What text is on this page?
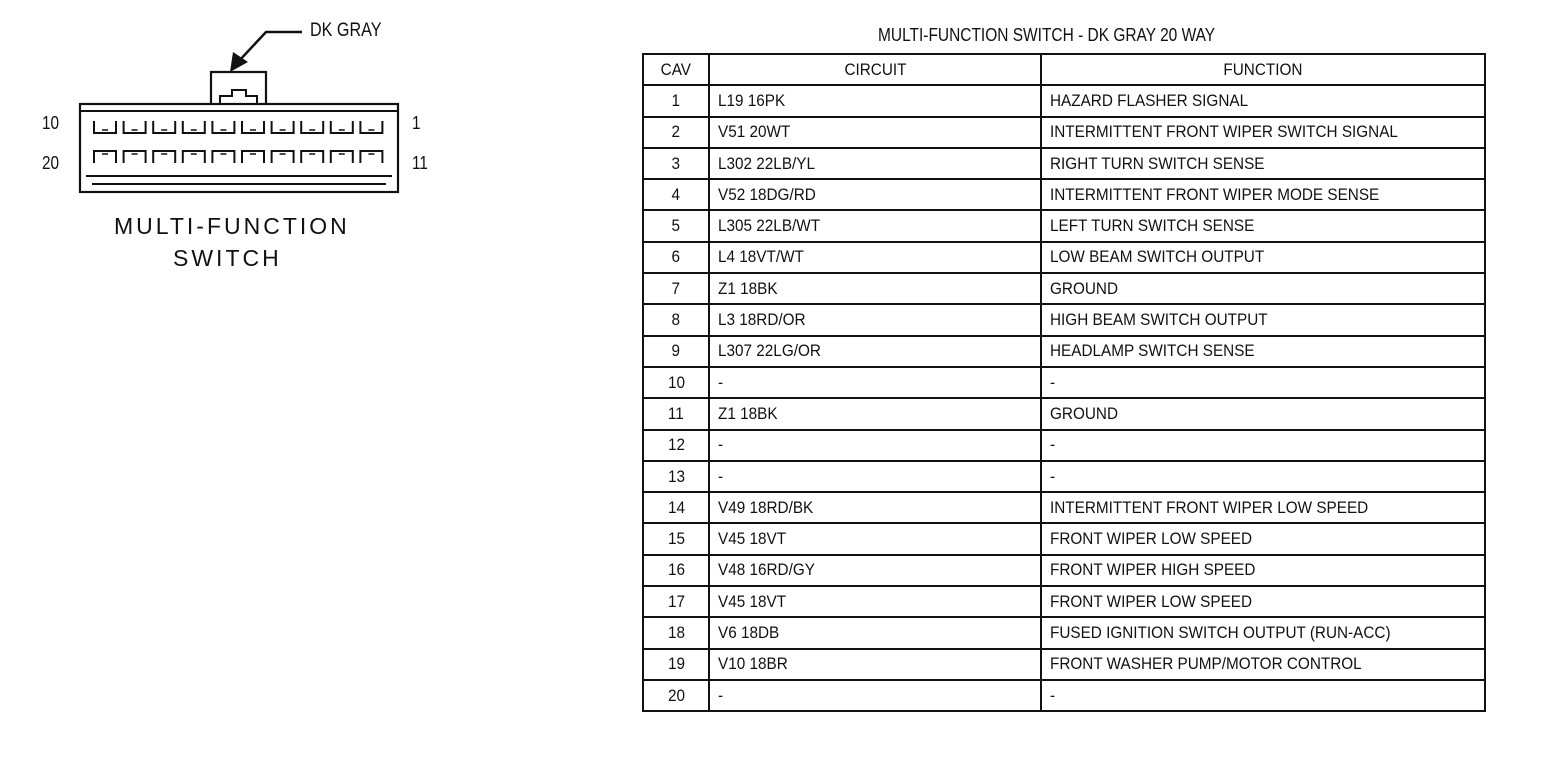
DK GRAY
10
20
1
11
MULTI-FUNCTION
SWITCH
MULTI-FUNCTION SWITCH - DK GRAY 20 WAY
CAV	CIRCUIT	FUNCTION
1	L19 16PK	HAZARD FLASHER SIGNAL
2	V51 20WT	INTERMITTENT FRONT WIPER SWITCH SIGNAL
3	L302 22LB/YL	RIGHT TURN SWITCH SENSE
4	V52 18DG/RD	INTERMITTENT FRONT WIPER MODE SENSE
5	L305 22LB/WT	LEFT TURN SWITCH SENSE
6	L4 18VT/WT	LOW BEAM SWITCH OUTPUT
7	Z1 18BK	GROUND
8	L3 18RD/OR	HIGH BEAM SWITCH OUTPUT
9	L307 22LG/OR	HEADLAMP SWITCH SENSE
10	-	-
11	Z1 18BK	GROUND
12	-	-
13	-	-
14	V49 18RD/BK	INTERMITTENT FRONT WIPER LOW SPEED
15	V45 18VT	FRONT WIPER LOW SPEED
16	V48 16RD/GY	FRONT WIPER HIGH SPEED
17	V45 18VT	FRONT WIPER LOW SPEED
18	V6 18DB	FUSED IGNITION SWITCH OUTPUT (RUN-ACC)
19	V10 18BR	FRONT WASHER PUMP/MOTOR CONTROL
20	-	-
